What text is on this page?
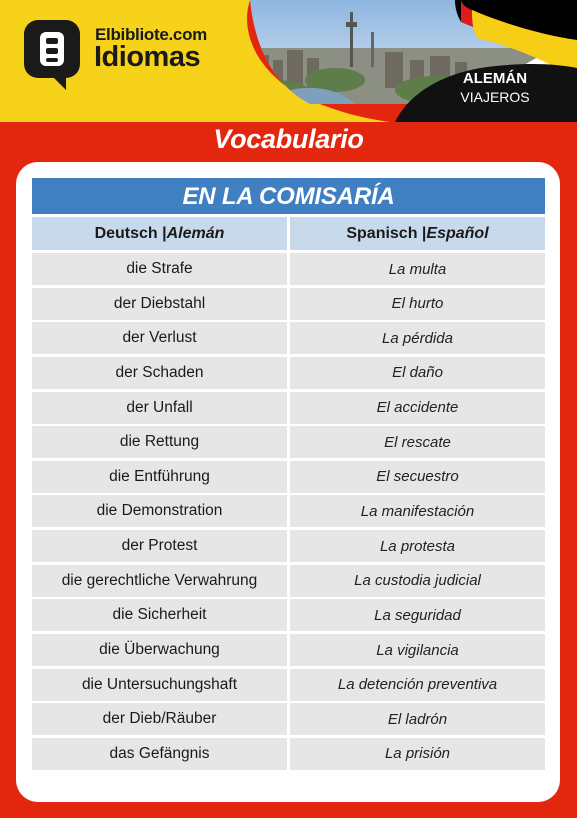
Elbibliote.com
Idiomas
ALEMÁN
VIAJEROS
Vocabulario
EN LA COMISARÍA
Deutsch | Alemán	Spanisch | Español
die Strafe	La multa
der Diebstahl	El hurto
der Verlust	La pérdida
der Schaden	El daño
der Unfall	El accidente
die Rettung	El rescate
die Entführung	El secuestro
die Demonstration	La manifestación
der Protest	La protesta
die gerechtliche Verwahrung	La custodia judicial
die Sicherheit	La seguridad
die Überwachung	La vigilancia
die Untersuchungshaft	La detención preventiva
der Dieb/Räuber	El ladrón
das Gefängnis	La prisión
